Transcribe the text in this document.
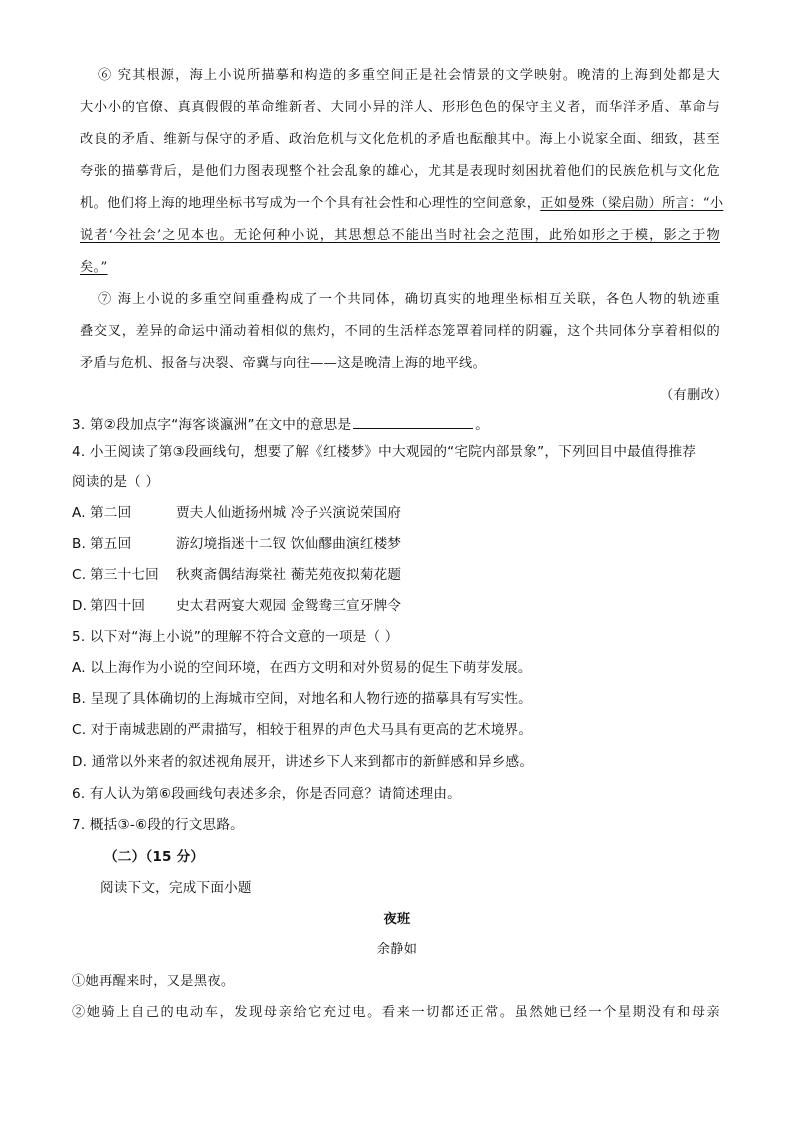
⑥ 究其根源，海上小说所描摹和构造的多重空间正是社会情景的文学映射。晚清的上海到处都是大
大小小的官僚、真真假假的革命维新者、大同小异的洋人、形形色色的保守主义者，而华洋矛盾、革命与
改良的矛盾、维新与保守的矛盾、政治危机与文化危机的矛盾也酝酿其中。海上小说家全面、细致，甚至
夸张的描摹背后，是他们力图表现整个社会乱象的雄心，尤其是表现时刻困扰着他们的民族危机与文化危
机。他们将上海的地理坐标书写成为一个个具有社会性和心理性的空间意象，正如曼殊（梁启勋）所言：“小
说者‘今社会’之见本也。无论何种小说，其思想总不能出当时社会之范围，此殆如形之于模，影之于物
矣。”
⑦ 海上小说的多重空间重叠构成了一个共同体，确切真实的地理坐标相互关联，各色人物的轨迹重
叠交叉，差异的命运中涌动着相似的焦灼，不同的生活样态笼罩着同样的阴霾，这个共同体分享着相似的
矛盾与危机、报备与决裂、帝冀与向往——这是晚清上海的地平线。
（有删改）
3. 第②段加点字“海客谈瀛洲”在文中的意思是	。
4. 小王阅读了第③段画线句，想要了解《红楼梦》中大观园的“宅院内部景象”，下列回目中最值得推荐
阅读的是（ ）
A. 第二回	贾夫人仙逝扬州城 冷子兴演说荣国府
B. 第五回	游幻境指迷十二钗 饮仙醪曲演红楼梦
C. 第三十七回 秋爽斋偶结海棠社 蘅芜苑夜拟菊花题
D. 第四十回 史太君两宴大观园 金鸳鸯三宣牙牌令
5. 以下对“海上小说”的理解不符合文意的一项是（ ）
A. 以上海作为小说的空间环境，在西方文明和对外贸易的促生下萌芽发展。
B. 呈现了具体确切的上海城市空间，对地名和人物行迹的描摹具有写实性。
C. 对于南城悲剧的严肃描写，相较于租界的声色犬马具有更高的艺术境界。
D. 通常以外来者的叙述视角展开，讲述乡下人来到都市的新鲜感和异乡感。
6. 有人认为第⑥段画线句表述多余，你是否同意？请简述理由。
7. 概括③-⑥段的行文思路。
（二）（15 分）
阅读下文，完成下面小题
夜班
余静如
①她再醒来时，又是黑夜。
②她骑上自己的电动车，发现母亲给它充过电。看来一切都还正常。虽然她已经一个星期没有和母亲
